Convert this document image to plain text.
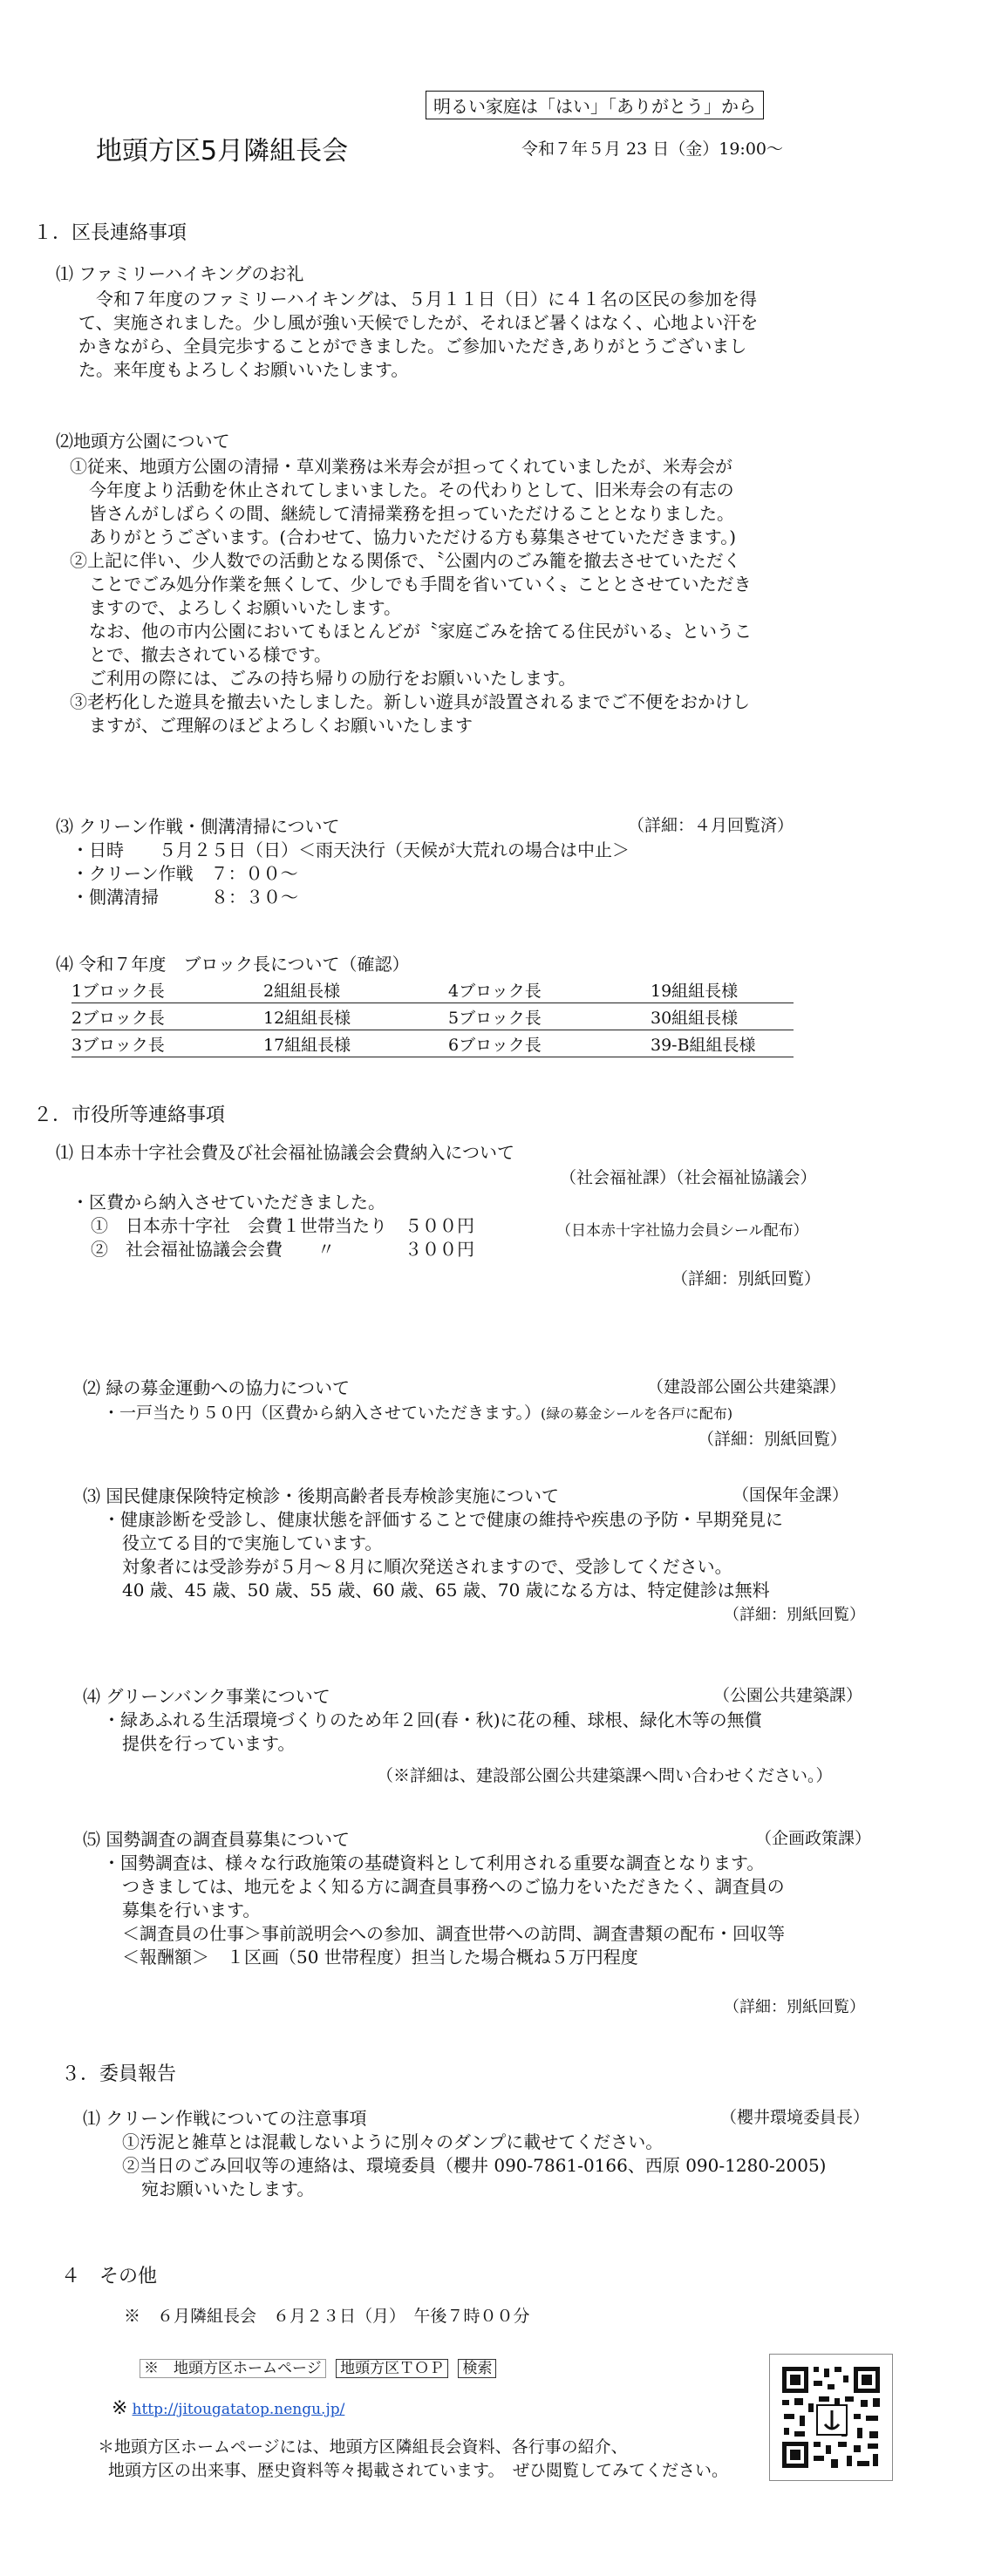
明るい家庭は「はい」「ありがとう」から
地頭方区5月隣組長会	令和７年５月 23 日（金）19:00～
１．区長連絡事項
⑴ ファミリーハイキングのお礼
令和７年度のファミリーハイキングは、５月１１日（日）に４１名の区民の参加を得
て、実施されました。少し風が強い天候でしたが、それほど暑くはなく、心地よい汗を
かきながら、全員完歩することができました。ご参加いただき,ありがとうございまし
た。来年度もよろしくお願いいたします。
⑵地頭方公園について
①従来、地頭方公園の清掃・草刈業務は米寿会が担ってくれていましたが、米寿会が
今年度より活動を休止されてしまいました。その代わりとして、旧米寿会の有志の
皆さんがしばらくの間、継続して清掃業務を担っていただけることとなりました。
ありがとうございます。(合わせて、協力いただける方も募集させていただきます。)
②上記に伴い、少人数での活動となる関係で、〝公園内のごみ籠を撤去させていただく
ことでごみ処分作業を無くして、少しでも手間を省いていく〟こととさせていただき
ますので、よろしくお願いいたします。
なお、他の市内公園においてもほとんどが〝家庭ごみを捨てる住民がいる〟というこ
とで、撤去されている様です。
ご利用の際には、ごみの持ち帰りの励行をお願いいたします。
③老朽化した遊具を撤去いたしました。新しい遊具が設置されるまでご不便をおかけし
ますが、ご理解のほどよろしくお願いいたします
⑶ クリーン作戦・側溝清掃について	（詳細：４月回覧済）
・日時　　５月２５日（日）＜雨天決行（天候が大荒れの場合は中止＞
・クリーン作戦　７：００～
・側溝清掃　　　８：３０～
⑷ 令和７年度　ブロック長について（確認）
1ブロック長	2組組長様	4ブロック長	19組組長様
2ブロック長	12組組長様	5ブロック長	30組組長様
3ブロック長	17組組長様	6ブロック長	39-B組組長様
２．市役所等連絡事項
⑴ 日本赤十字社会費及び社会福祉協議会会費納入について
（社会福祉課）（社会福祉協議会）
・区費から納入させていただきました。
①　日本赤十字社　会費１世帯当たり　５００円
②　社会福祉協議会会費　　〃　　　　３００円
（日本赤十字社協力会員シール配布）
（詳細：別紙回覧）
⑵ 緑の募金運動への協力について	（建設部公園公共建築課）
・一戸当たり５０円（区費から納入させていただきます。）(緑の募金シールを各戸に配布)
（詳細：別紙回覧）
⑶ 国民健康保険特定検診・後期高齢者長寿検診実施について	（国保年金課）
・健康診断を受診し、健康状態を評価することで健康の維持や疾患の予防・早期発見に
役立てる目的で実施しています。
対象者には受診券が５月～８月に順次発送されますので、受診してください。
40 歳、45 歳、50 歳、55 歳、60 歳、65 歳、70 歳になる方は、特定健診は無料
（詳細：別紙回覧）
⑷ グリーンバンク事業について	（公園公共建築課）
・緑あふれる生活環境づくりのため年２回(春・秋)に花の種、球根、緑化木等の無償
提供を行っています。
（※詳細は、建設部公園公共建築課へ問い合わせください。）
⑸ 国勢調査の調査員募集について	（企画政策課）
・国勢調査は、様々な行政施策の基礎資料として利用される重要な調査となります。
つきましては、地元をよく知る方に調査員事務へのご協力をいただきたく、調査員の
募集を行います。
＜調査員の仕事＞事前説明会への参加、調査世帯への訪問、調査書類の配布・回収等
＜報酬額＞　１区画（50 世帯程度）担当した場合概ね５万円程度
（詳細：別紙回覧）
３．委員報告
⑴ クリーン作戦についての注意事項	（櫻井環境委員長）
①汚泥と雑草とは混載しないように別々のダンプに載せてください。
②当日のごみ回収等の連絡は、環境委員（櫻井 090-7861-0166、西原 090-1280-2005)
宛お願いいたします。
４　その他
※　６月隣組長会　６月２３日（月）　午後７時００分
※　地頭方区ホームページ 地頭方区ＴＯＰ 検索
※ http://jitougatatop.nengu.jp/
＊地頭方区ホームページには、地頭方区隣組長会資料、各行事の紹介、
地頭方区の出来事、歴史資料等々掲載されています。　ぜひ閲覧してみてください。
